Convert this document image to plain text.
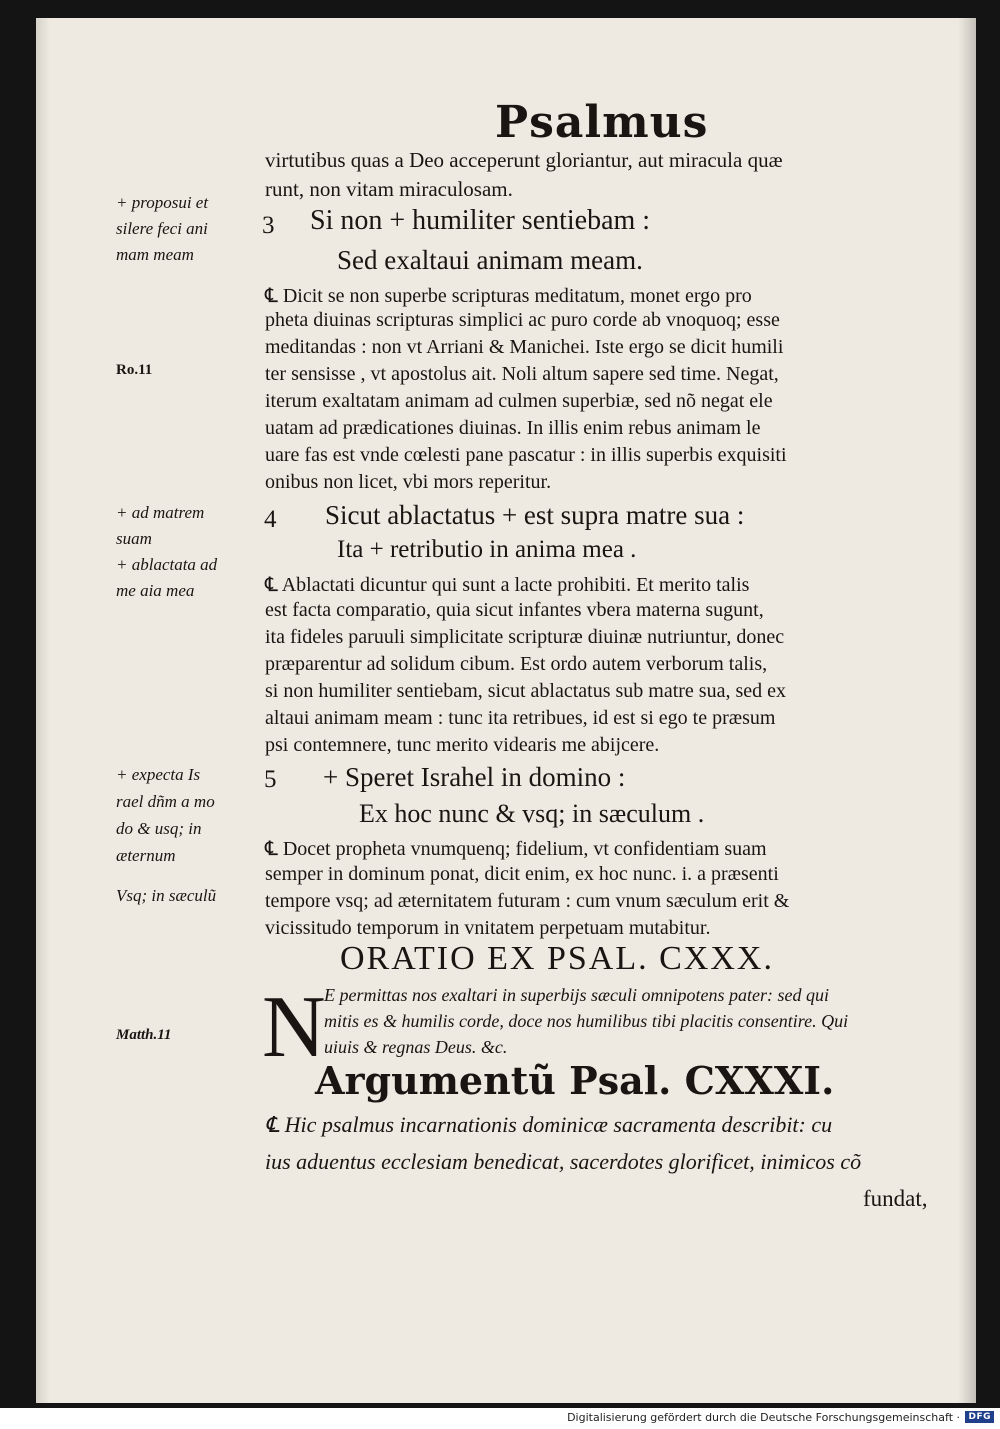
Psalmus
virtutibus quas a Deo acceperunt gloriantur, aut miracula quæ
runt, non vitam miraculosam.
3 Si non + humiliter sentiebam :
Sed exaltaui animam meam.
℄ Dicit se non superbe scripturas meditatum, monet ergo pro
pheta diuinas scripturas simplici ac puro corde ab vnoquoq; esse
meditandas : non vt Arriani & Manichei. Iste ergo se dicit humili
ter sensisse , vt apostolus ait. Noli altum sapere sed time. Negat,
iterum exaltatam animam ad culmen superbiæ, sed nõ negat ele
uatam ad prædicationes diuinas. In illis enim rebus animam le
uare fas est vnde cœlesti pane pascatur : in illis superbis exquisiti
onibus non licet, vbi mors reperitur.
4 Sicut ablactatus + est supra matre sua :
Ita + retributio in anima mea .
℄ Ablactati dicuntur qui sunt a lacte prohibiti. Et merito talis
est facta comparatio, quia sicut infantes vbera materna sugunt,
ita fideles paruuli simplicitate scripturæ diuinæ nutriuntur, donec
præparentur ad solidum cibum. Est ordo autem verborum talis,
si non humiliter sentiebam, sicut ablactatus sub matre sua, sed ex
altaui animam meam : tunc ita retribues, id est si ego te præsum
psi contemnere, tunc merito videaris me abijcere.
5 + Speret Israhel in domino :
Ex hoc nunc & vsq; in sæculum .
℄ Docet propheta vnumquenq; fidelium, vt confidentiam suam
semper in dominum ponat, dicit enim, ex hoc nunc. i. a præsenti
tempore vsq; ad æternitatem futuram : cum vnum sæculum erit &
vicissitudo temporum in vnitatem perpetuam mutabitur.
ORATIO EX PSAL. CXXX.
N
E permittas nos exaltari in superbijs sæculi omnipotens pater: sed qui
mitis es & humilis corde, doce nos humilibus tibi placitis consentire. Qui
uiuis & regnas Deus. &c.
Argumentũ Psal. CXXXI.
℄ Hic psalmus incarnationis dominicæ sacramenta describit: cu
ius aduentus ecclesiam benedicat, sacerdotes glorificet, inimicos cõ
fundat,
+ proposui et
silere feci ani
mam meam
Ro.11
+ ad matrem
suam
+ ablactata ad
me aia mea
+ expecta Is
rael dñm a mo
do & usq; in
æternum
Vsq; in sæculũ
Matth.11
Digitalisierung gefördert durch die Deutsche Forschungsgemeinschaft · DFG
